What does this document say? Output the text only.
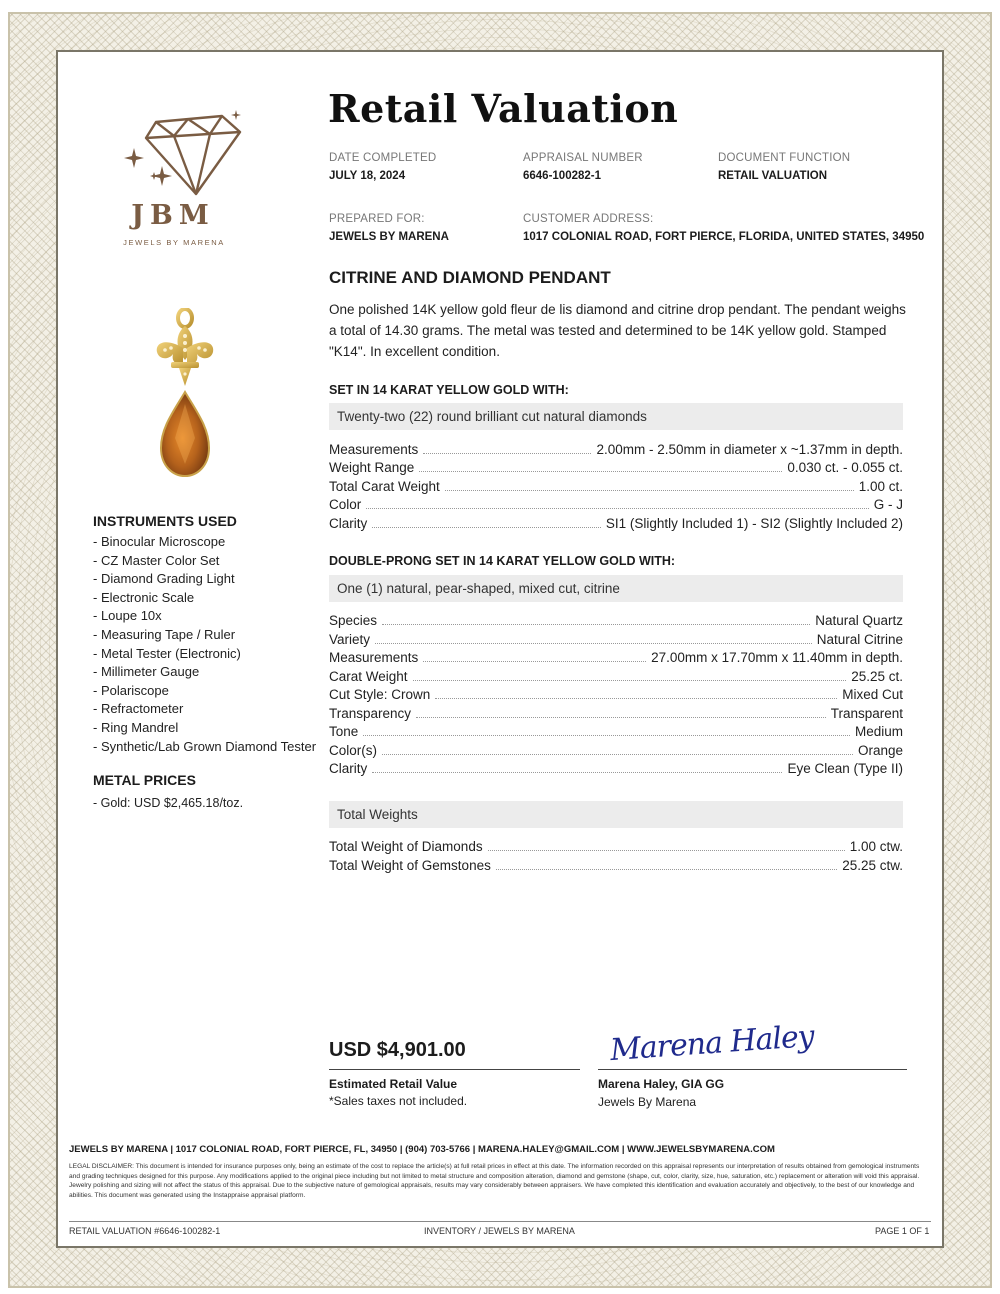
JBM
JEWELS BY MARENA
Retail Valuation
DATE COMPLETED
JULY 18, 2024
APPRAISAL NUMBER
6646-100282-1
DOCUMENT FUNCTION
RETAIL VALUATION
PREPARED FOR:
JEWELS BY MARENA
CUSTOMER ADDRESS:
1017 COLONIAL ROAD, FORT PIERCE, FLORIDA, UNITED STATES, 34950
CITRINE AND DIAMOND PENDANT
One polished 14K yellow gold fleur de lis diamond and citrine drop pendant. The pendant weighs a total of 14.30 grams. The metal was tested and determined to be 14K yellow gold. Stamped "K14". In excellent condition.
SET IN 14 KARAT YELLOW GOLD WITH:
Twenty-two (22) round brilliant cut natural diamonds
Measurements	2.00mm - 2.50mm in diameter x ~1.37mm in depth.
Weight Range	0.030 ct. - 0.055 ct.
Total Carat Weight	1.00 ct.
Color	G - J
Clarity	SI1 (Slightly Included 1) - SI2 (Slightly Included 2)
DOUBLE-PRONG SET IN 14 KARAT YELLOW GOLD WITH:
One (1) natural, pear-shaped, mixed cut, citrine
Species	Natural Quartz
Variety	Natural Citrine
Measurements	27.00mm x 17.70mm x 11.40mm in depth.
Carat Weight	25.25 ct.
Cut Style: Crown	Mixed Cut
Transparency	Transparent
Tone	Medium
Color(s)	Orange
Clarity	Eye Clean (Type II)
Total Weights
Total Weight of Diamonds	1.00 ctw.
Total Weight of Gemstones	25.25 ctw.
INSTRUMENTS USED
- Binocular Microscope
- CZ Master Color Set
- Diamond Grading Light
- Electronic Scale
- Loupe 10x
- Measuring Tape / Ruler
- Metal Tester (Electronic)
- Millimeter Gauge
- Polariscope
- Refractometer
- Ring Mandrel
- Synthetic/Lab Grown Diamond Tester
METAL PRICES
- Gold: USD $2,465.18/toz.
USD $4,901.00
Estimated Retail Value
*Sales taxes not included.
Marena Haley
Marena Haley, GIA GG
Jewels By Marena
JEWELS BY MARENA | 1017 COLONIAL ROAD, FORT PIERCE, FL, 34950 | (904) 703-5766 | MARENA.HALEY@GMAIL.COM | WWW.JEWELSBYMARENA.COM
LEGAL DISCLAIMER: This document is intended for insurance purposes only, being an estimate of the cost to replace the article(s) at full retail prices in effect at this date. The information recorded on this appraisal represents our interpretation of results obtained from gemological instruments and grading techniques designed for this purpose. Any modifications applied to the original piece including but not limited to metal structure and composition alteration, diamond and gemstone (shape, cut, color, clarity, size, hue, saturation, etc.) replacement or alteration will void this appraisal. Jewelry polishing and sizing will not affect the status of this appraisal. Due to the subjective nature of gemological appraisals, results may vary considerably between appraisers. We have completed this identification and evaluation accurately and objectively, to the best of our knowledge and abilities. This document was generated using the Instappraise appraisal platform.
RETAIL VALUATION #6646-100282-1	INVENTORY / JEWELS BY MARENA	PAGE 1 OF 1
